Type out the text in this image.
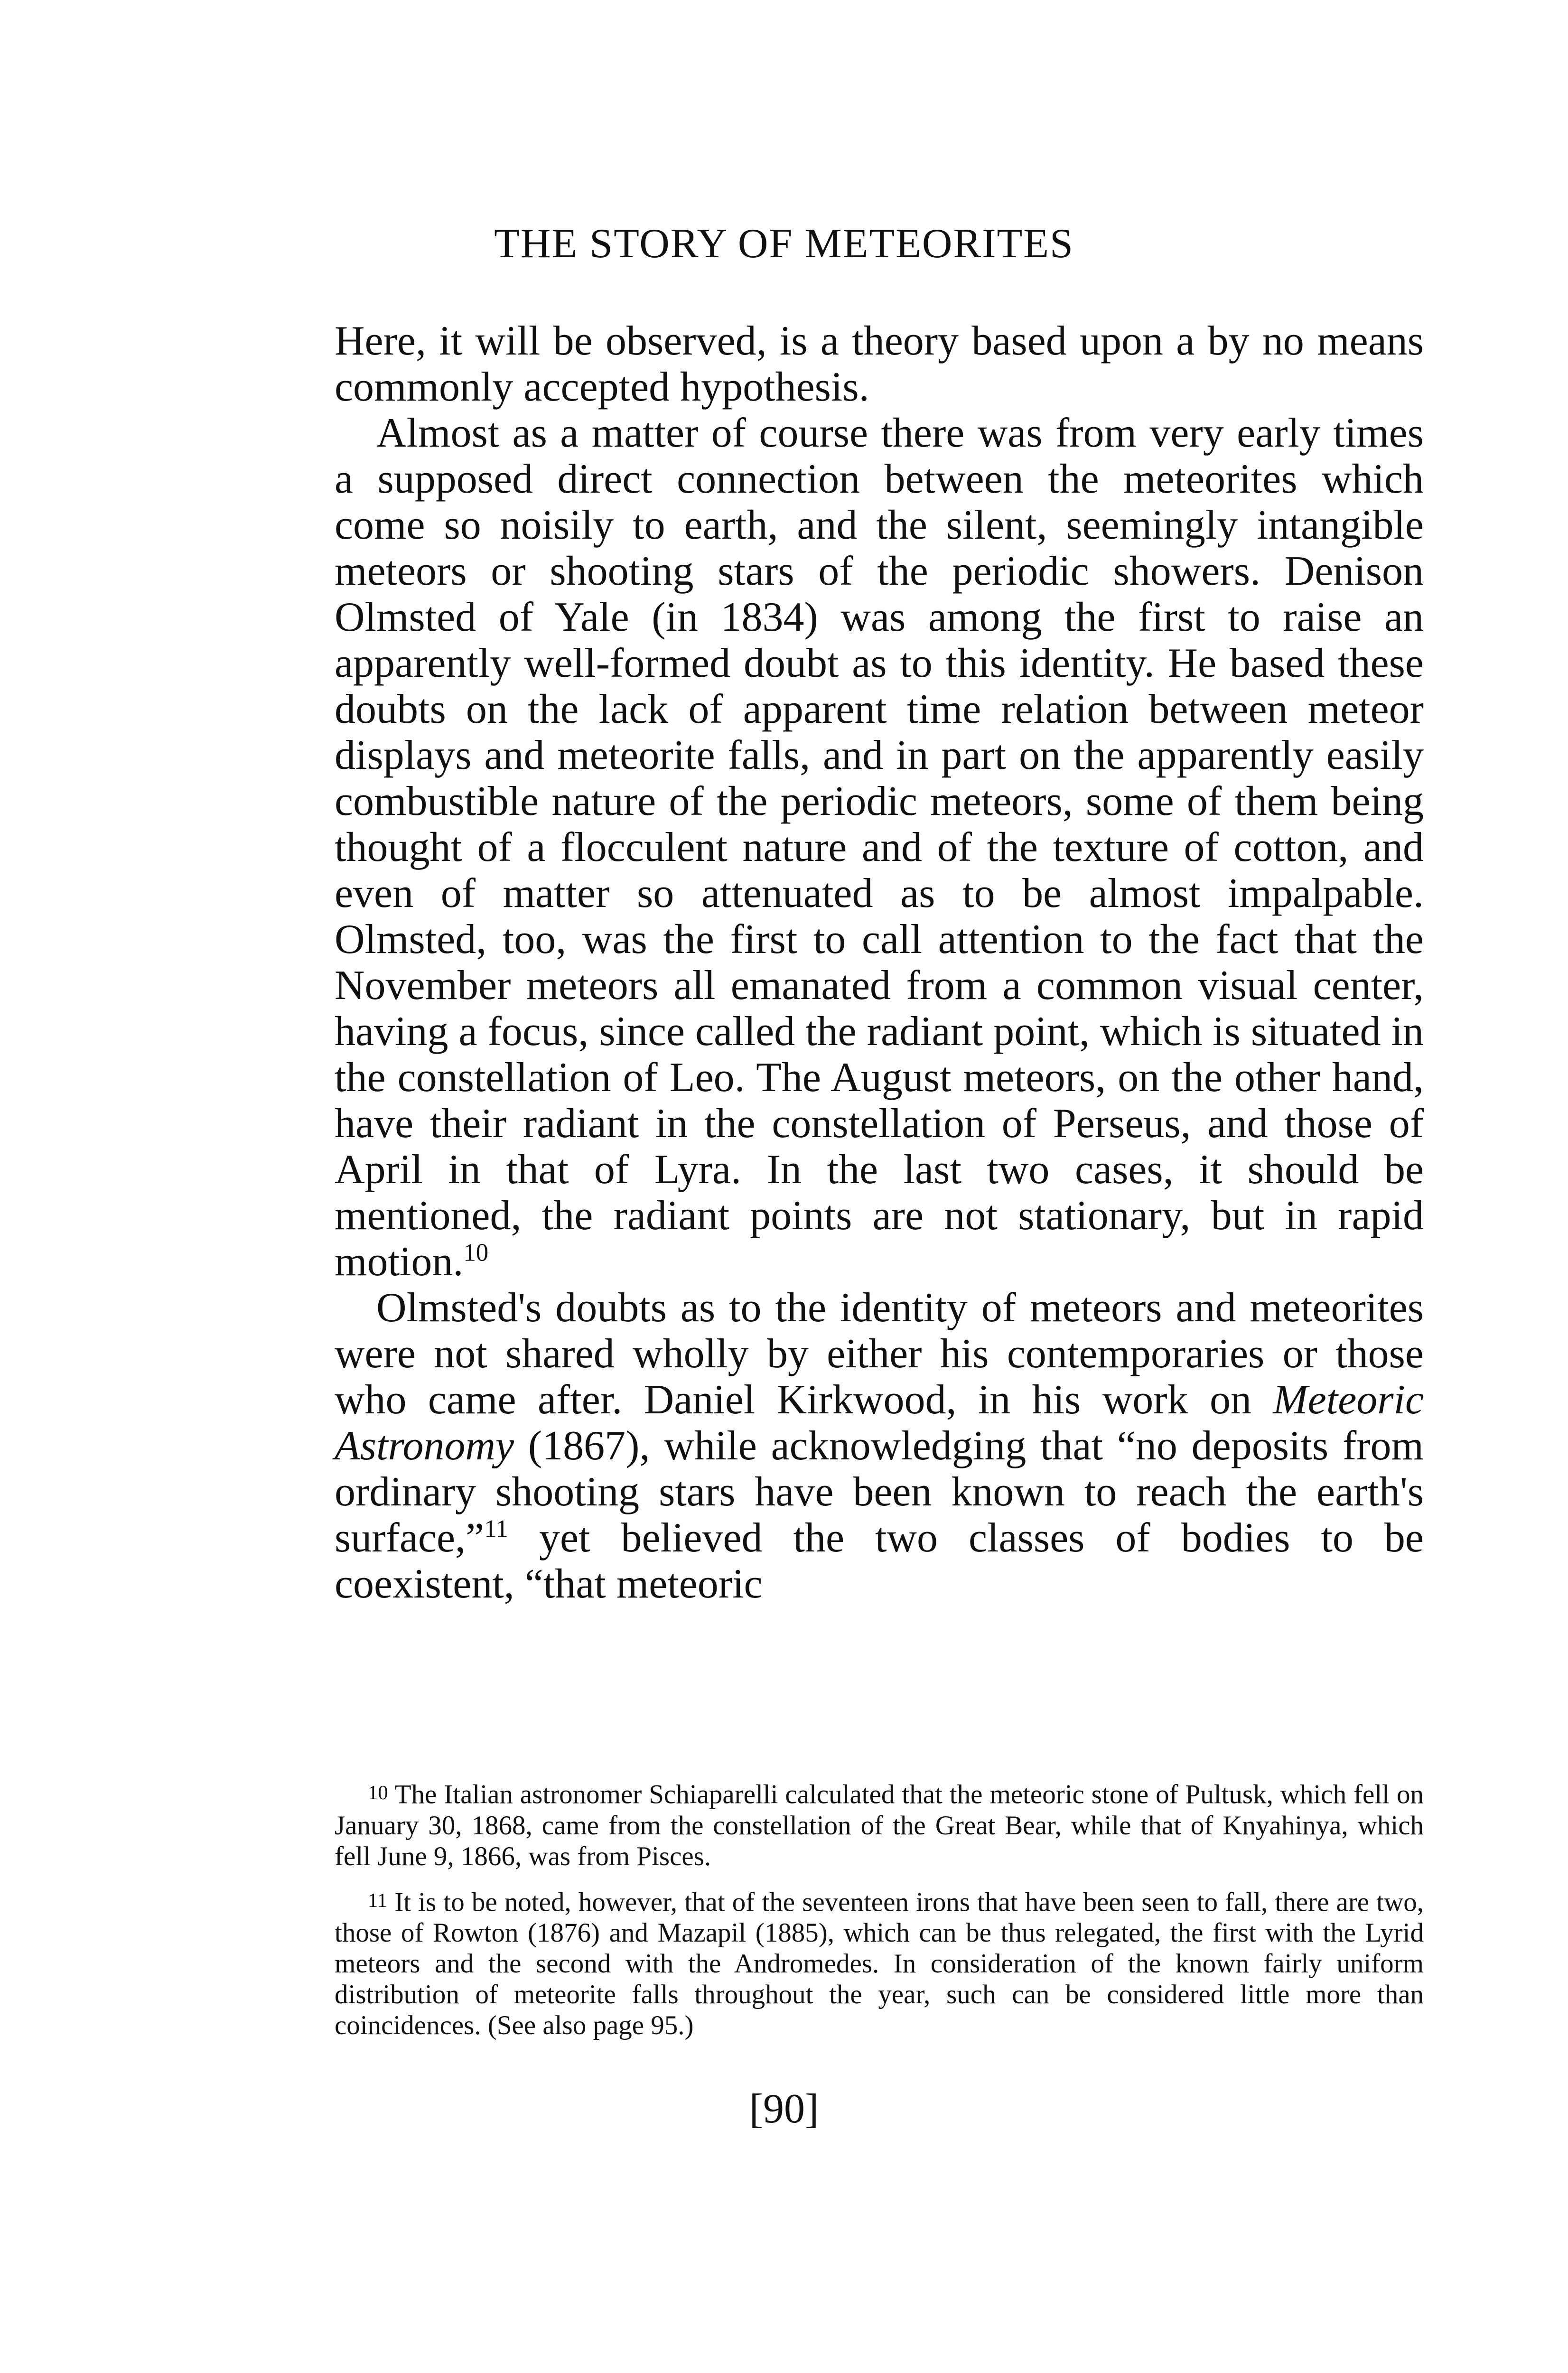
THE STORY OF METEORITES

Here, it will be observed, is a theory based upon a by no means commonly accepted hypothesis.

Almost as a matter of course there was from very early times a supposed direct connection between the meteorites which come so noisily to earth, and the silent, seemingly intangible meteors or shooting stars of the periodic showers. Denison Olmsted of Yale (in 1834) was among the first to raise an apparently well-formed doubt as to this identity. He based these doubts on the lack of apparent time relation between meteor displays and meteorite falls, and in part on the apparently easily combustible nature of the periodic meteors, some of them being thought of a flocculent nature and of the texture of cotton, and even of matter so attenuated as to be almost impalpable. Olmsted, too, was the first to call attention to the fact that the November meteors all emanated from a common visual center, having a focus, since called the radiant point, which is situated in the constellation of Leo. The August meteors, on the other hand, have their radiant in the constellation of Perseus, and those of April in that of Lyra. In the last two cases, it should be mentioned, the radiant points are not stationary, but in rapid motion.$^{10}$

Olmsted's doubts as to the identity of meteors and meteorites were not shared wholly by either his contemporaries or those who came after. Daniel Kirkwood, in his work on Meteoric Astronomy (1867), while acknowledging that “no deposits from ordinary shooting stars have been known to reach the earth's surface,”$^{11}$ yet believed the two classes of bodies to be coexistent, “that meteoric

10 The Italian astronomer Schiaparelli calculated that the meteoric stone of Pultusk, which fell on January 30, 1868, came from the constellation of the Great Bear, while that of Knyahinya, which fell June 9, 1866, was from Pisces.

11 It is to be noted, however, that of the seventeen irons that have been seen to fall, there are two, those of Rowton (1876) and Mazapil (1885), which can be thus relegated, the first with the Lyrid meteors and the second with the Andromedes. In consideration of the known fairly uniform distribution of meteorite falls throughout the year, such can be considered little more than coincidences. (See also page 95.)

[90]
